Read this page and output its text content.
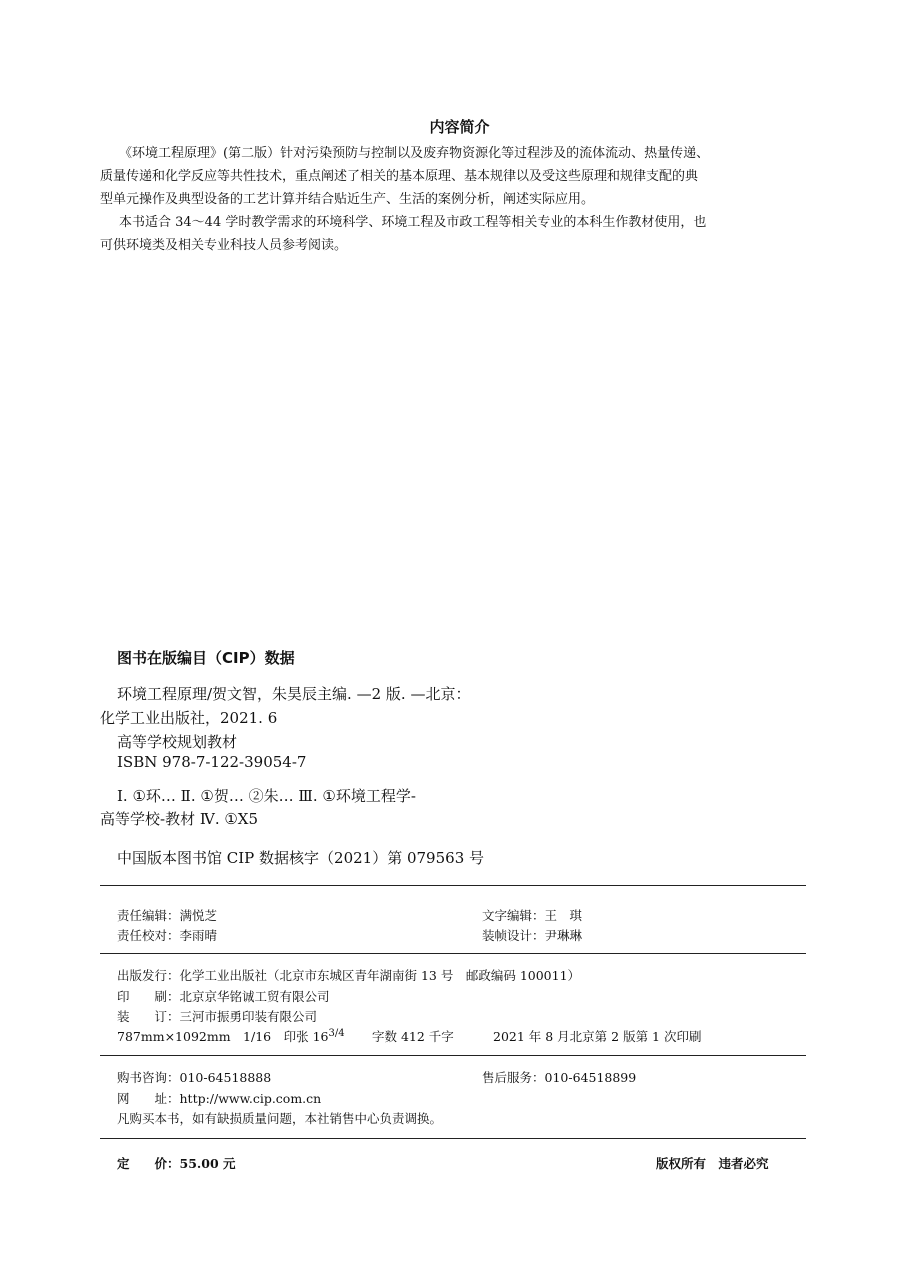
内容简介
《环境工程原理》(第二版）针对污染预防与控制以及废弃物资源化等过程涉及的流体流动、热量传递、
质量传递和化学反应等共性技术，重点阐述了相关的基本原理、基本规律以及受这些原理和规律支配的典
型单元操作及典型设备的工艺计算并结合贴近生产、生活的案例分析，阐述实际应用。
本书适合 34～44 学时教学需求的环境科学、环境工程及市政工程等相关专业的本科生作教材使用，也
可供环境类及相关专业科技人员参考阅读。
图书在版编目（CIP）数据
环境工程原理/贺文智，朱昊辰主编. —2 版. —北京：
化学工业出版社，2021. 6
高等学校规划教材
ISBN 978-7-122-39054-7
Ⅰ. ①环… Ⅱ. ①贺… ②朱… Ⅲ. ①环境工程学-
高等学校-教材 Ⅳ. ①X5
中国版本图书馆 CIP 数据核字（2021）第 079563 号
责任编辑：满悦芝	文字编辑：王　琪
责任校对：李雨晴	装帧设计：尹琳琳
出版发行：化学工业出版社（北京市东城区青年湖南街 13 号　邮政编码 100011）
印　　刷：北京京华铭诚工贸有限公司
装　　订：三河市振勇印装有限公司
787mm×1092mm　1/16　印张 $16^{3/4}$ 字数 412 千字	2021 年 8 月北京第 2 版第 1 次印刷
购书咨询：010-64518888	售后服务：010-64518899
网　　址：http://www.cip.com.cn
凡购买本书，如有缺损质量问题，本社销售中心负责调换。
定　　价：55.00 元	版权所有　违者必究
